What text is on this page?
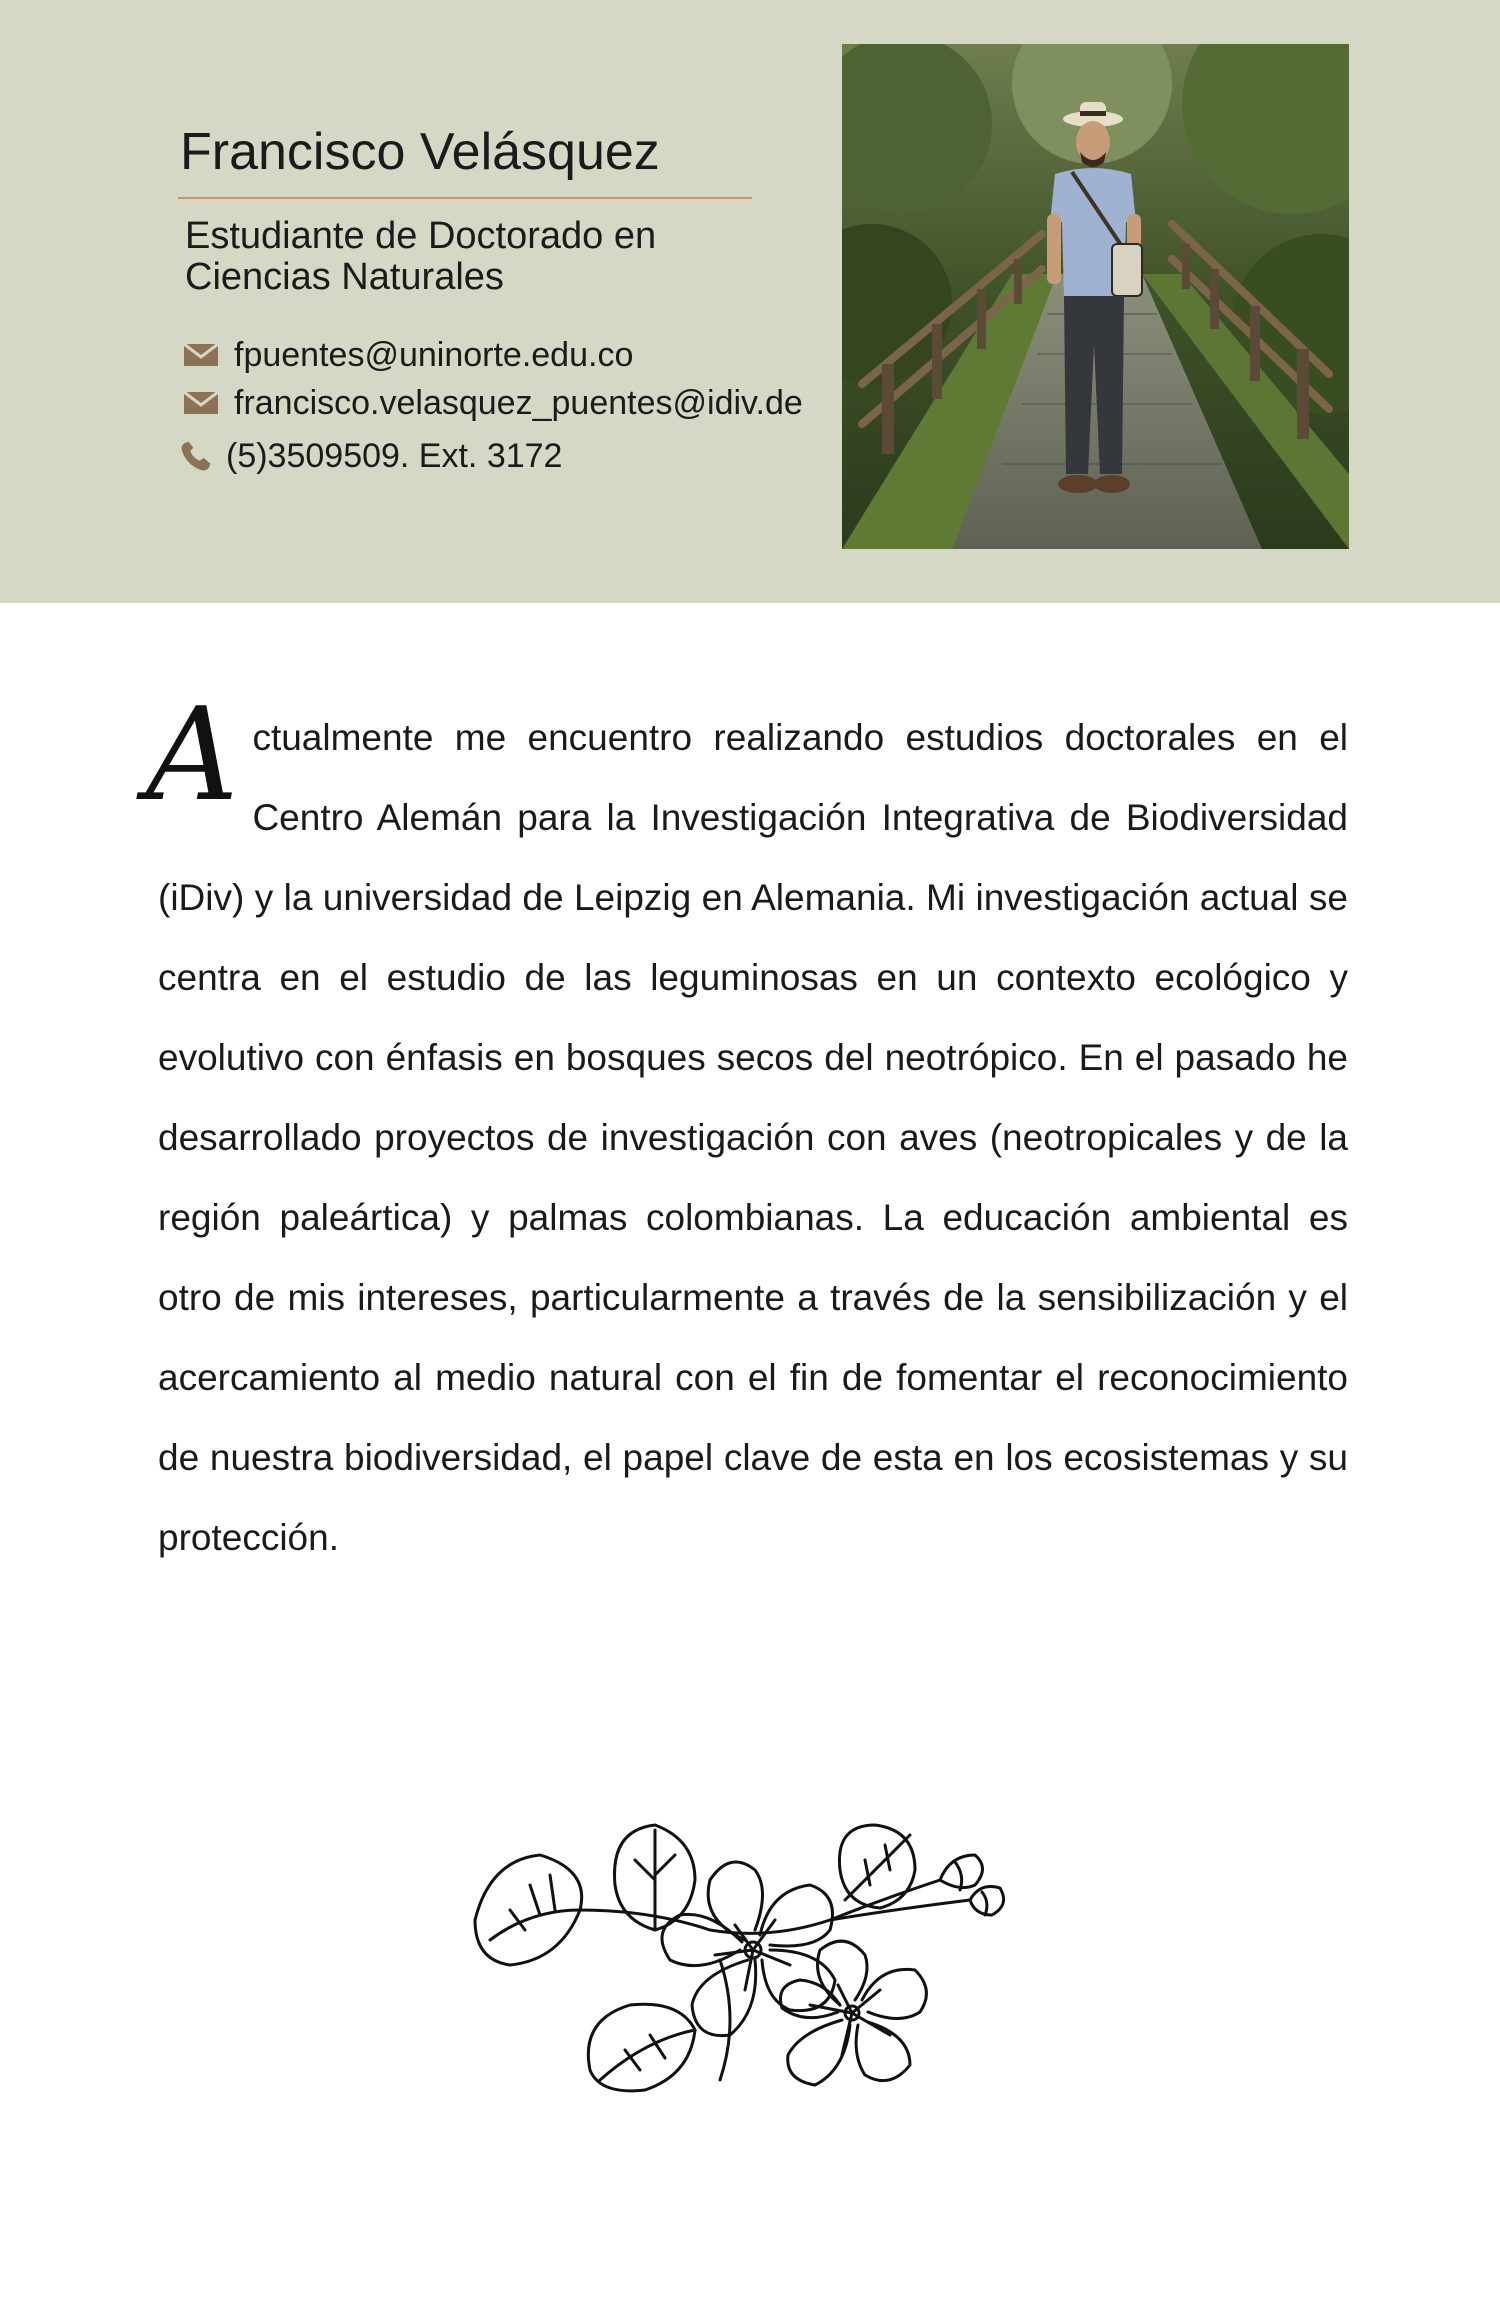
Francisco Velásquez
Estudiante de Doctorado en
Ciencias Naturales
fpuentes@uninorte.edu.co
francisco.velasquez_puentes@idiv.de
(5)3509509. Ext. 3172

Actualmente me encuentro realizando estudios doctorales en el Centro Alemán para la Investigación Integrativa de Biodiversidad (iDiv) y la universidad de Leipzig en Alemania. Mi investigación actual se centra en el estudio de las leguminosas en un contexto ecológico y evolutivo con énfasis en bosques secos del neotrópico. En el pasado he desarrollado proyectos de investigación con aves (neotropicales y de la región paleártica) y palmas colombianas. La educación ambiental es otro de mis intereses, particularmente a través de la sensibilización y el acercamiento al medio natural con el fin de fomentar el reconocimiento de nuestra biodiversidad, el papel clave de esta en los ecosistemas y su protección.
